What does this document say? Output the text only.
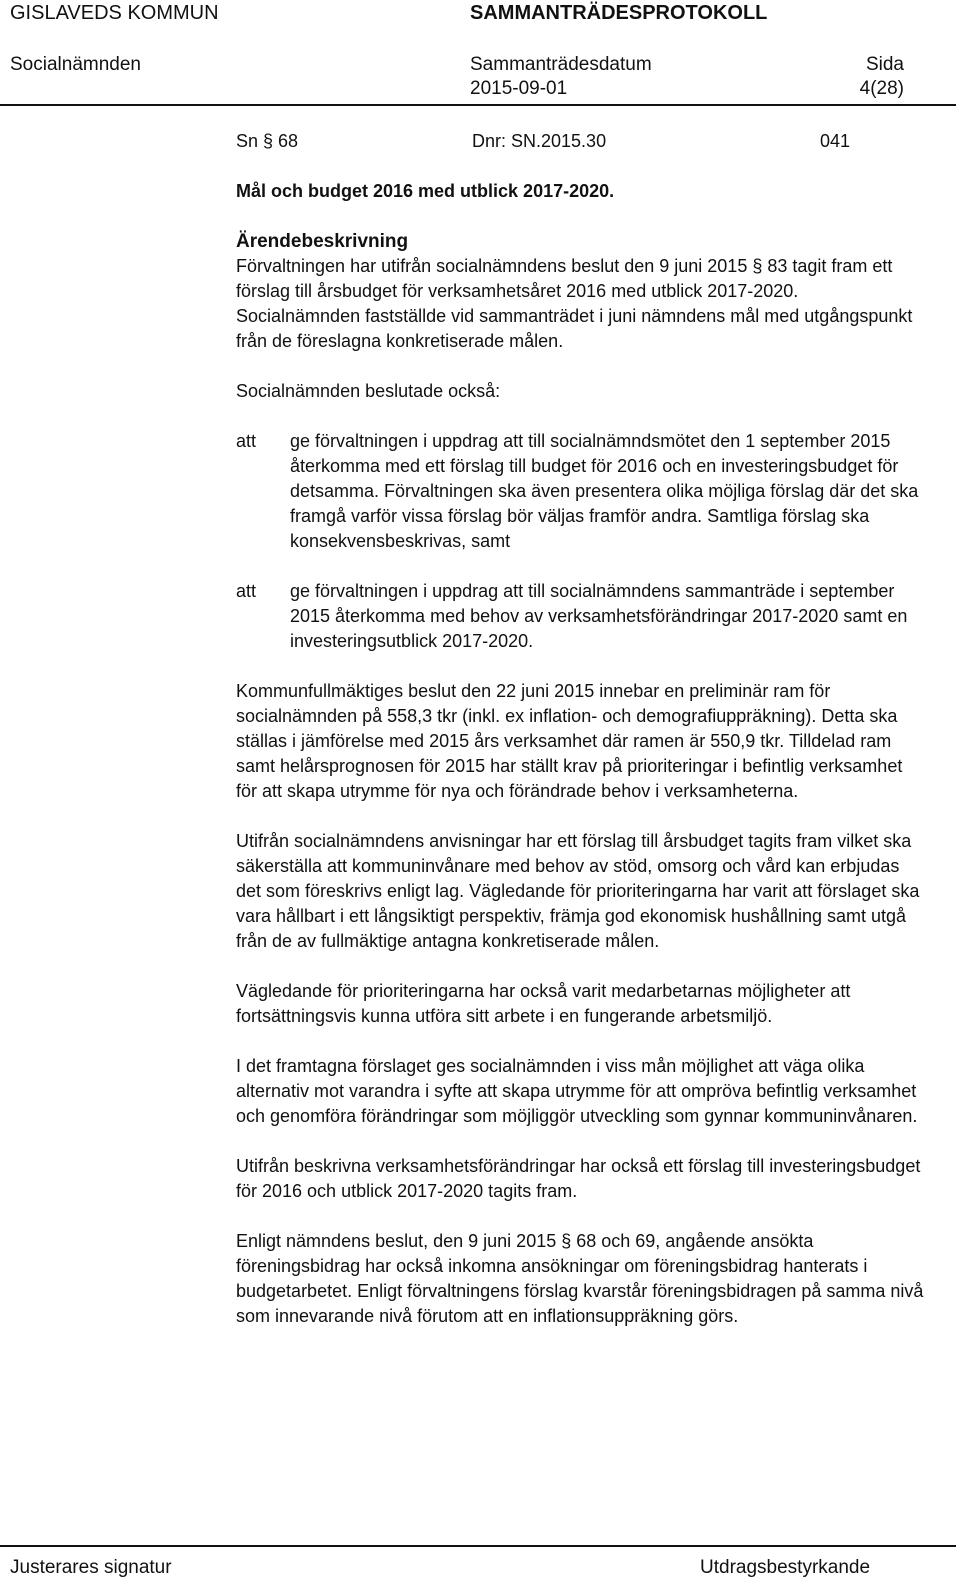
GISLAVEDS KOMMUN	SAMMANTRÄDESPROTOKOLL
Socialnämnden	Sammanträdesdatum
2015-09-01
Sida
4(28)
Sn § 68	Dnr: SN.2015.30	041
Mål och budget 2016 med utblick 2017-2020.
Ärendebeskrivning

Förvaltningen har utifrån socialnämndens beslut den 9 juni 2015 § 83 tagit fram ett förslag till årsbudget för verksamhetsåret 2016 med utblick 2017-2020. Socialnämnden fastställde vid sammanträdet i juni nämndens mål med utgångspunkt från de föreslagna konkretiserade målen.

Socialnämnden beslutade också:

att	ge förvaltningen i uppdrag att till socialnämndsmötet den 1 september 2015 återkomma med ett förslag till budget för 2016 och en investeringsbudget för detsamma. Förvaltningen ska även presentera olika möjliga förslag där det ska framgå varför vissa förslag bör väljas framför andra. Samtliga förslag ska konsekvensbeskrivas, samt
att	ge förvaltningen i uppdrag att till socialnämndens sammanträde i september 2015 återkomma med behov av verksamhetsförändringar 2017-2020 samt en investeringsutblick 2017-2020.

Kommunfullmäktiges beslut den 22 juni 2015 innebar en preliminär ram för socialnämnden på 558,3 tkr (inkl. ex inflation- och demografiuppräkning). Detta ska ställas i jämförelse med 2015 års verksamhet där ramen är 550,9 tkr. Tilldelad ram samt helårsprognosen för 2015 har ställt krav på prioriteringar i befintlig verksamhet för att skapa utrymme för nya och förändrade behov i verksamheterna.

Utifrån socialnämndens anvisningar har ett förslag till årsbudget tagits fram vilket ska säkerställa att kommuninvånare med behov av stöd, omsorg och vård kan erbjudas det som föreskrivs enligt lag. Vägledande för prioriteringarna har varit att förslaget ska vara hållbart i ett långsiktigt perspektiv, främja god ekonomisk hushållning samt utgå från de av fullmäktige antagna konkretiserade målen.

Vägledande för prioriteringarna har också varit medarbetarnas möjligheter att fortsättningsvis kunna utföra sitt arbete i en fungerande arbetsmiljö.

I det framtagna förslaget ges socialnämnden i viss mån möjlighet att väga olika alternativ mot varandra i syfte att skapa utrymme för att ompröva befintlig verksamhet och genomföra förändringar som möjliggör utveckling som gynnar kommuninvånaren.

Utifrån beskrivna verksamhetsförändringar har också ett förslag till investeringsbudget för 2016 och utblick 2017-2020 tagits fram.

Enligt nämndens beslut, den 9 juni 2015 § 68 och 69, angående ansökta föreningsbidrag har också inkomna ansökningar om föreningsbidrag hanterats i budgetarbetet. Enligt förvaltningens förslag kvarstår föreningsbidragen på samma nivå som innevarande nivå förutom att en inflationsuppräkning görs.

Justerares signatur	Utdragsbestyrkande
